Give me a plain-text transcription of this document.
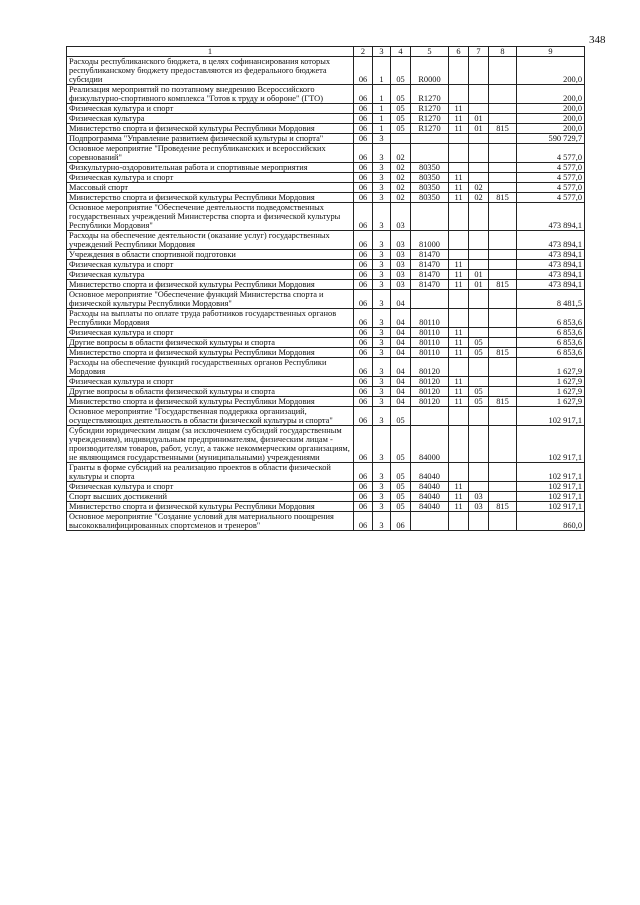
348
1	2	3	4	5	6	7	8	9
Расходы республиканского бюджета, в целях софинансирования которых республиканскому бюджету предоставляются из федерального бюджета субсидии	06	1	05	R0000				200,0
Реализация мероприятий по поэтапному внедрению Всероссийского физкультурно-спортивного комплекса "Готов к труду и обороне" (ГТО)	06	1	05	R1270				200,0
Физическая культура и спорт	06	1	05	R1270	11			200,0
Физическая культура	06	1	05	R1270	11	01		200,0
Министерство спорта и физической культуры Республики Мордовия	06	1	05	R1270	11	01	815	200,0
Подпрограмма "Управление развитием физической культуры и спорта"	06	3						590 729,7
Основное мероприятие "Проведение республиканских и всероссийских соревнований"	06	3	02					4 577,0
Физкультурно-оздоровительная работа и спортивные мероприятия	06	3	02	80350				4 577,0
Физическая культура и спорт	06	3	02	80350	11			4 577,0
Массовый спорт	06	3	02	80350	11	02		4 577,0
Министерство спорта и физической культуры Республики Мордовия	06	3	02	80350	11	02	815	4 577,0
Основное мероприятие "Обеспечение деятельности подведомственных государственных учреждений Министерства спорта и физической культуры Республики Мордовия"	06	3	03					473 894,1
Расходы на обеспечение деятельности (оказание услуг) государственных учреждений Республики Мордовия	06	3	03	81000				473 894,1
Учреждения в области спортивной подготовки	06	3	03	81470				473 894,1
Физическая культура и спорт	06	3	03	81470	11			473 894,1
Физическая культура	06	3	03	81470	11	01		473 894,1
Министерство спорта и физической культуры Республики Мордовия	06	3	03	81470	11	01	815	473 894,1
Основное мероприятие "Обеспечение функций Министерства спорта и физической культуры Республики Мордовия"	06	3	04					8 481,5
Расходы на выплаты по оплате труда работников государственных органов Республики Мордовия	06	3	04	80110				6 853,6
Физическая культура и спорт	06	3	04	80110	11			6 853,6
Другие вопросы в области физической культуры и спорта	06	3	04	80110	11	05		6 853,6
Министерство спорта и физической культуры Республики Мордовия	06	3	04	80110	11	05	815	6 853,6
Расходы на обеспечение функций государственных органов Республики Мордовия	06	3	04	80120				1 627,9
Физическая культура и спорт	06	3	04	80120	11			1 627,9
Другие вопросы в области физической культуры и спорта	06	3	04	80120	11	05		1 627,9
Министерство спорта и физической культуры Республики Мордовия	06	3	04	80120	11	05	815	1 627,9
Основное мероприятие "Государственная поддержка организаций, осуществляющих деятельность в области физической культуры и спорта"	06	3	05					102 917,1
Субсидии юридическим лицам (за исключением субсидий государственным учреждениям), индивидуальным предпринимателям, физическим лицам - производителям товаров, работ, услуг, а также некоммерческим организациям, не являющимся государственными (муниципальными) учреждениями	06	3	05	84000				102 917,1
Гранты в форме субсидий на реализацию проектов в области физической культуры и спорта	06	3	05	84040				102 917,1
Физическая культура и спорт	06	3	05	84040	11			102 917,1
Спорт высших достижений	06	3	05	84040	11	03		102 917,1
Министерство спорта и физической культуры Республики Мордовия	06	3	05	84040	11	03	815	102 917,1
Основное мероприятие "Создание условий для материального поощрения высококвалифицированных спортсменов и тренеров"	06	3	06					860,0
